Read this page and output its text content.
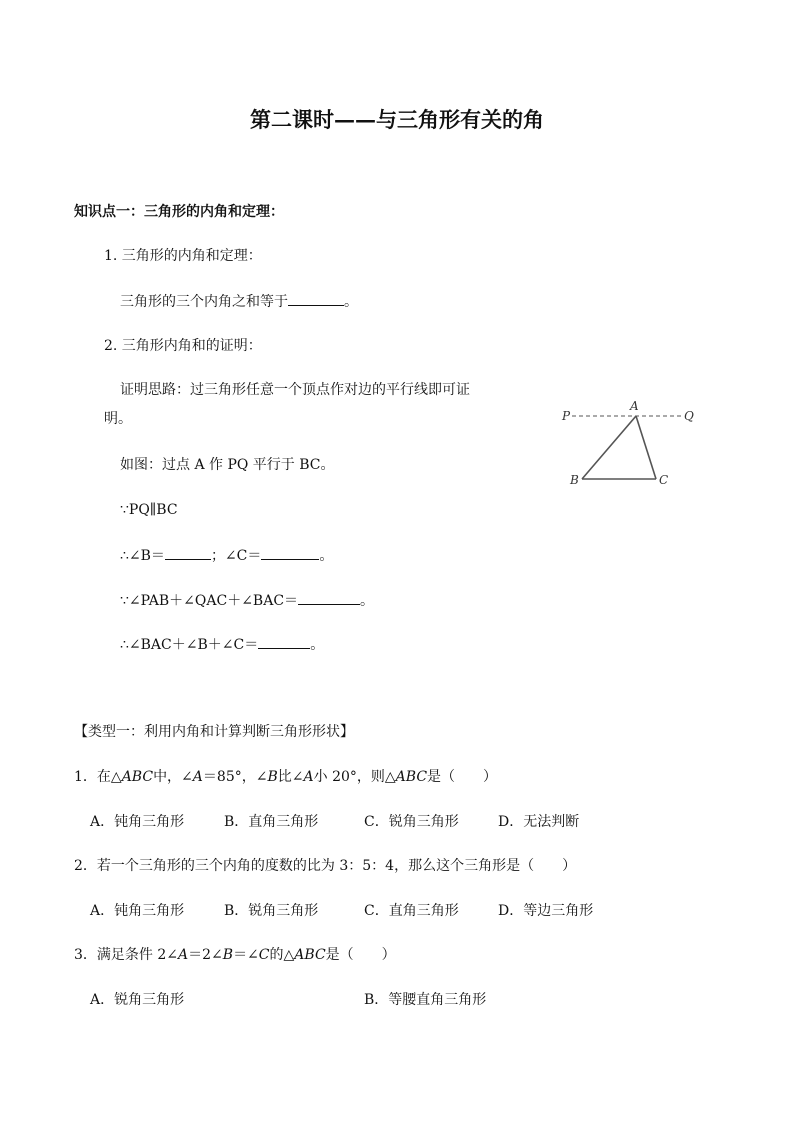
第二课时——与三角形有关的角
知识点一：三角形的内角和定理：
1. 三角形的内角和定理：
三角形的三个内角之和等于	。
2. 三角形内角和的证明：
证明思路：过三角形任意一个顶点作对边的平行线即可证
明。
如图：过点 A 作 PQ 平行于 BC。
∵PQ∥BC
∴∠B＝	；∠C＝	。
∵∠PAB＋∠QAC＋∠BAC＝	。
∴∠BAC＋∠B＋∠C＝	。
P
A
Q
B	C
【类型一：利用内角和计算判断三角形形状】
1．在△ABC中，∠A＝85°，∠B比∠A小 20°，则△ABC是（　　）
A．钝角三角形	B．直角三角形	C．锐角三角形	D．无法判断
2．若一个三角形的三个内角的度数的比为 3：5：4，那么这个三角形是（　　）
A．钝角三角形	B．锐角三角形	C．直角三角形	D．等边三角形
3．满足条件 2∠A＝2∠B＝∠C的△ABC是（　　）
A．锐角三角形	B．等腰直角三角形
